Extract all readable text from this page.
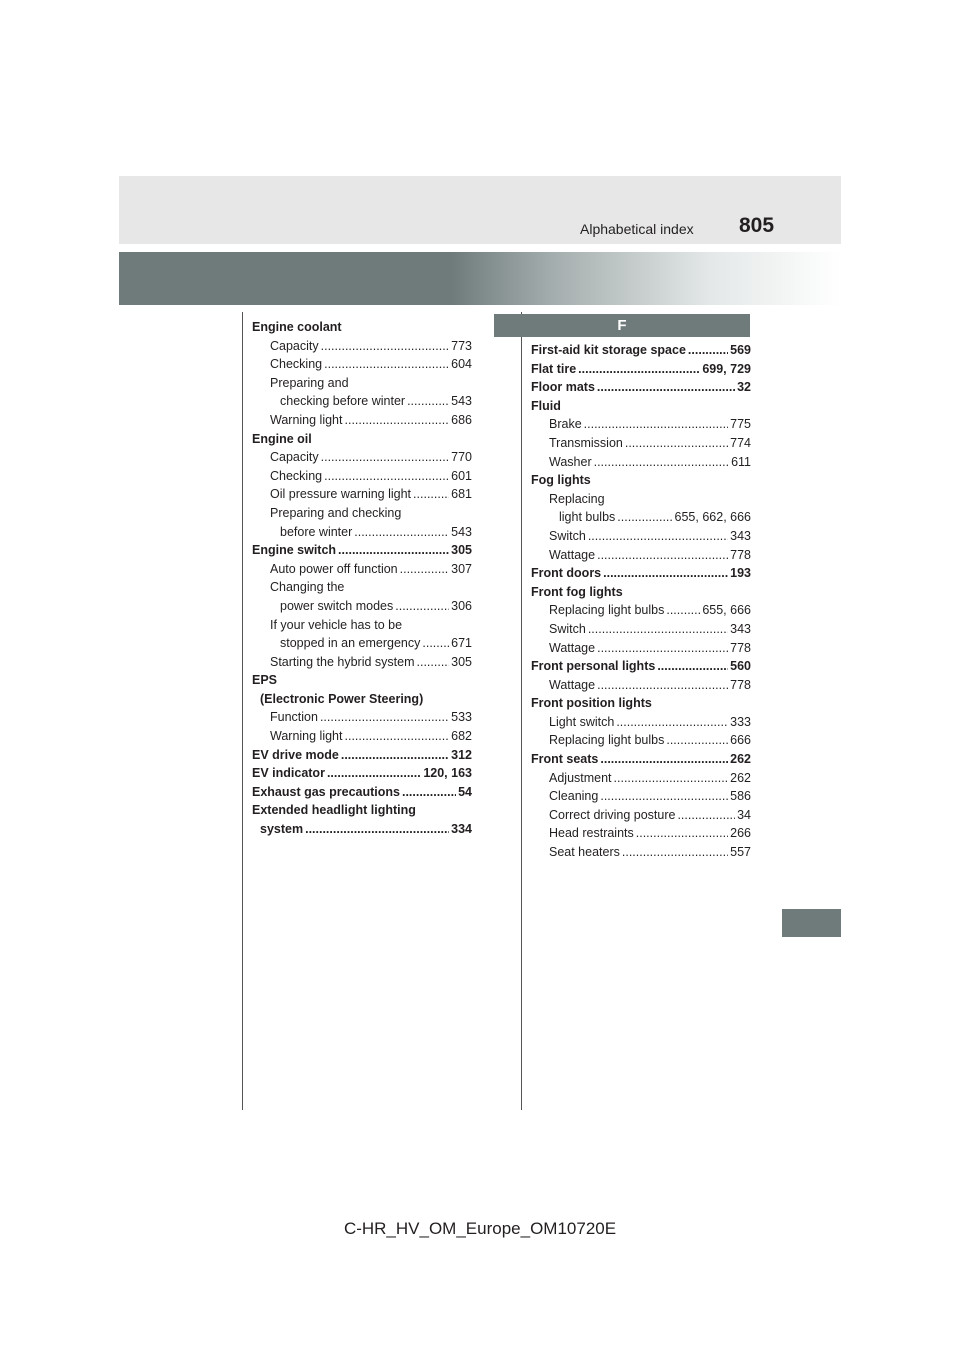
Alphabetical index 805
Engine coolant
Capacity .....	773
Checking .....	604
Preparing and
checking before winter .....	543
Warning light .....	686
Engine oil
Capacity .....	770
Checking .....	601
Oil pressure warning light .....	681
Preparing and checking
before winter .....	543
Engine switch .....	305
Auto power off function .....	307
Changing the
power switch modes .....	306
If your vehicle has to be
stopped in an emergency ..... 671
Starting the hybrid system .....	305
EPS
(Electronic Power Steering)
Function .....	533
Warning light .....	682
EV drive mode .....	312
EV indicator .....	120, 163
Exhaust gas precautions .....	54
Extended headlight lighting
system .....	334
F
First-aid kit storage space .....	569
Flat tire .....	699, 729
Floor mats .....	32
Fluid
Brake .....	775
Transmission .....	774
Washer .....	611
Fog lights
Replacing
light bulbs .....	655, 662, 666
Switch .....	343
Wattage .....	778
Front doors .....	193
Front fog lights
Replacing light bulbs .....	655, 666
Switch .....	343
Wattage .....	778
Front personal lights .....	560
Wattage .....	778
Front position lights
Light switch .....	333
Replacing light bulbs .....	666
Front seats .....	262
Adjustment .....	262
Cleaning .....	586
Correct driving posture .....	34
Head restraints .....	266
Seat heaters .....	557
C-HR_HV_OM_Europe_OM10720E
